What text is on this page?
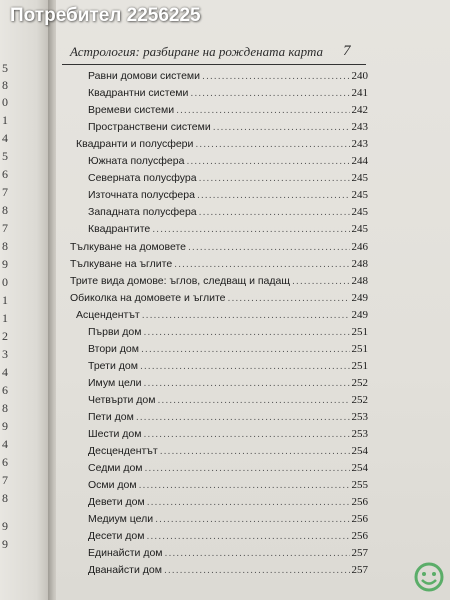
5
8
0
1
4
5
6
7
8
7
8
9
0
1
1
2
3
4
6
8
9
4
6
7
8
9
9
Астрология: разбиране на рождената карта	7
Равни домови системи .....	240
Квадрантни системи .....	241
Времеви системи .....	242
Пространствени системи .....	243
Квадранти и полусфери .....	243
Южната полусфера .....	244
Северната полусфура .....	245
Източната полусфера .....	245
Западната полусфера .....	245
Квадрантите .....	245
Тълкуване на домовете .....	246
Тълкуване на ъглите .....	248
Трите вида домове: ъглов, следващ и падащ .....	248
Обиколка на домовете и ъглите .....	249
Асцендентът .....	249
Първи дом .....	251
Втори дом .....	251
Трети дом .....	251
Имум цели .....	252
Четвърти дом .....	252
Пети дом .....	253
Шести дом .....	253
Десцендентът .....	254
Седми дом .....	254
Осми дом .....	255
Девети дом .....	256
Медиум цели .....	256
Десети дом .....	256
Единайсти дом .....	257
Дванайсти дом .....	257
Потребител 2256225
